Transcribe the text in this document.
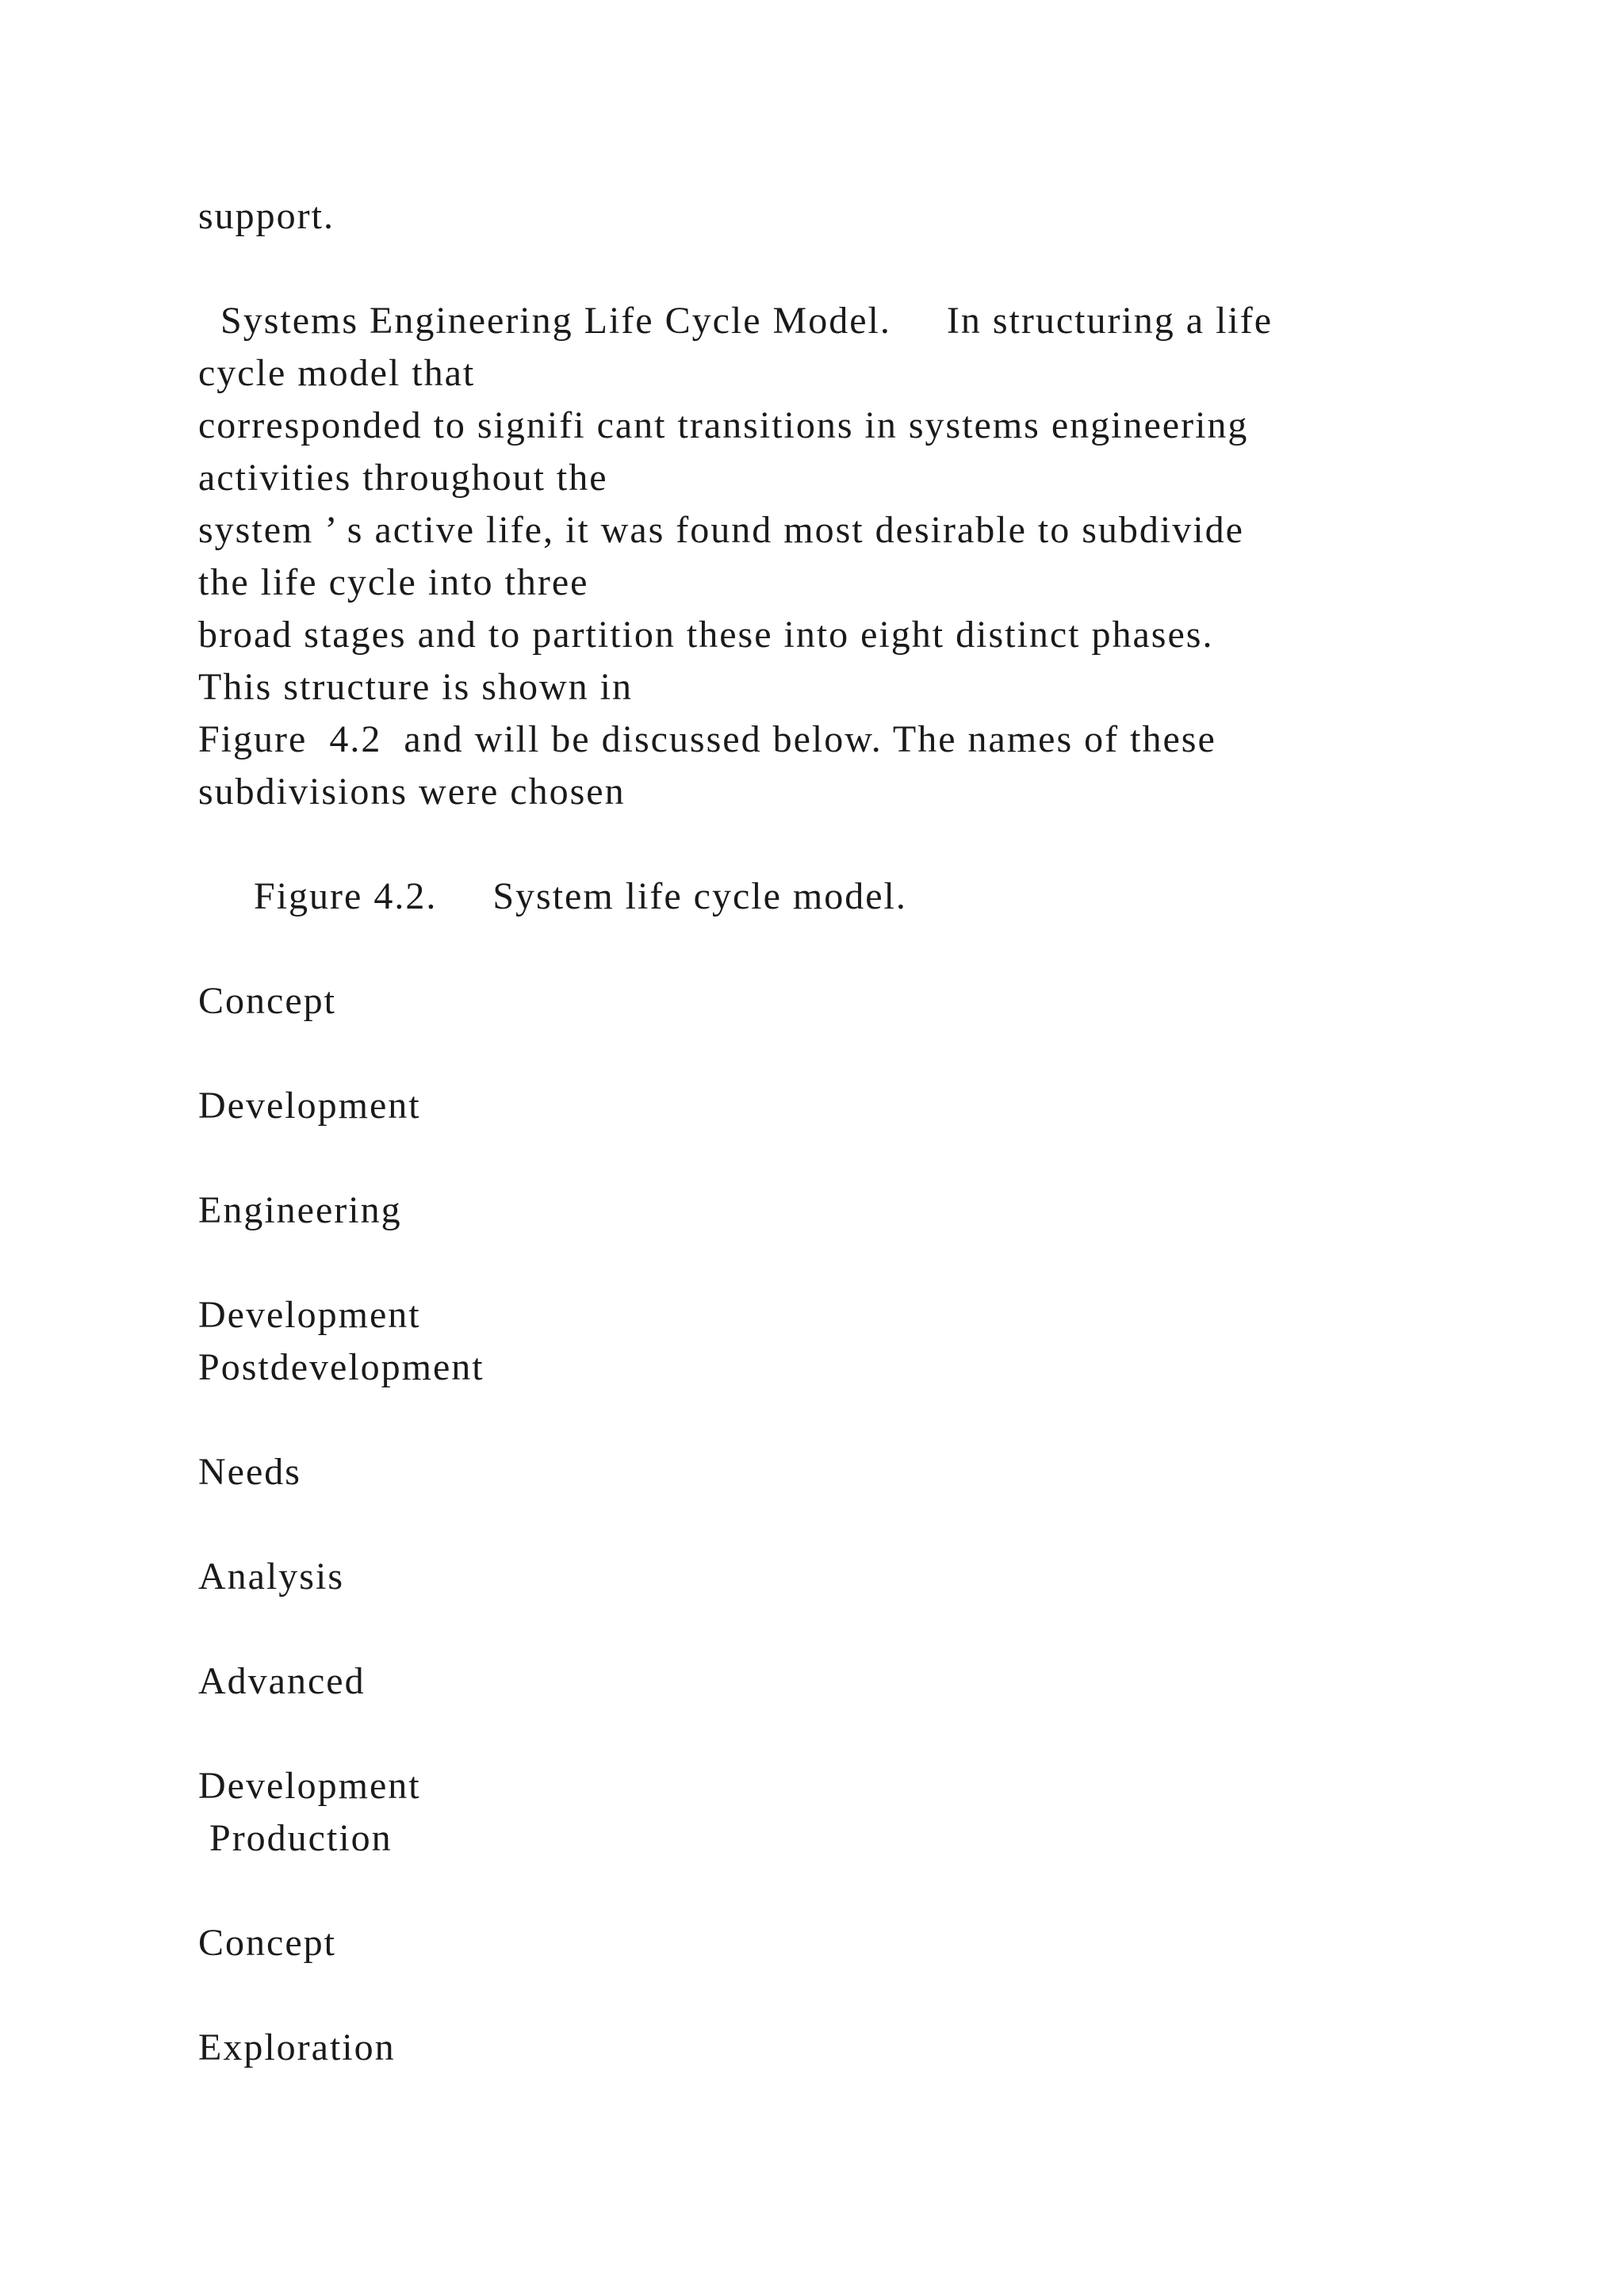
support.
Systems Engineering Life Cycle Model.     In structuring a life
cycle model that
corresponded to signifi cant transitions in systems engineering
activities throughout the
system ’ s active life, it was found most desirable to subdivide
the life cycle into three
broad stages and to partition these into eight distinct phases.
This structure is shown in
Figure  4.2  and will be discussed below. The names of these
subdivisions were chosen
Figure 4.2.     System life cycle model.
Concept
Development
Engineering
Development
Postdevelopment
Needs
Analysis
Advanced
Development
Production
Concept
Exploration
